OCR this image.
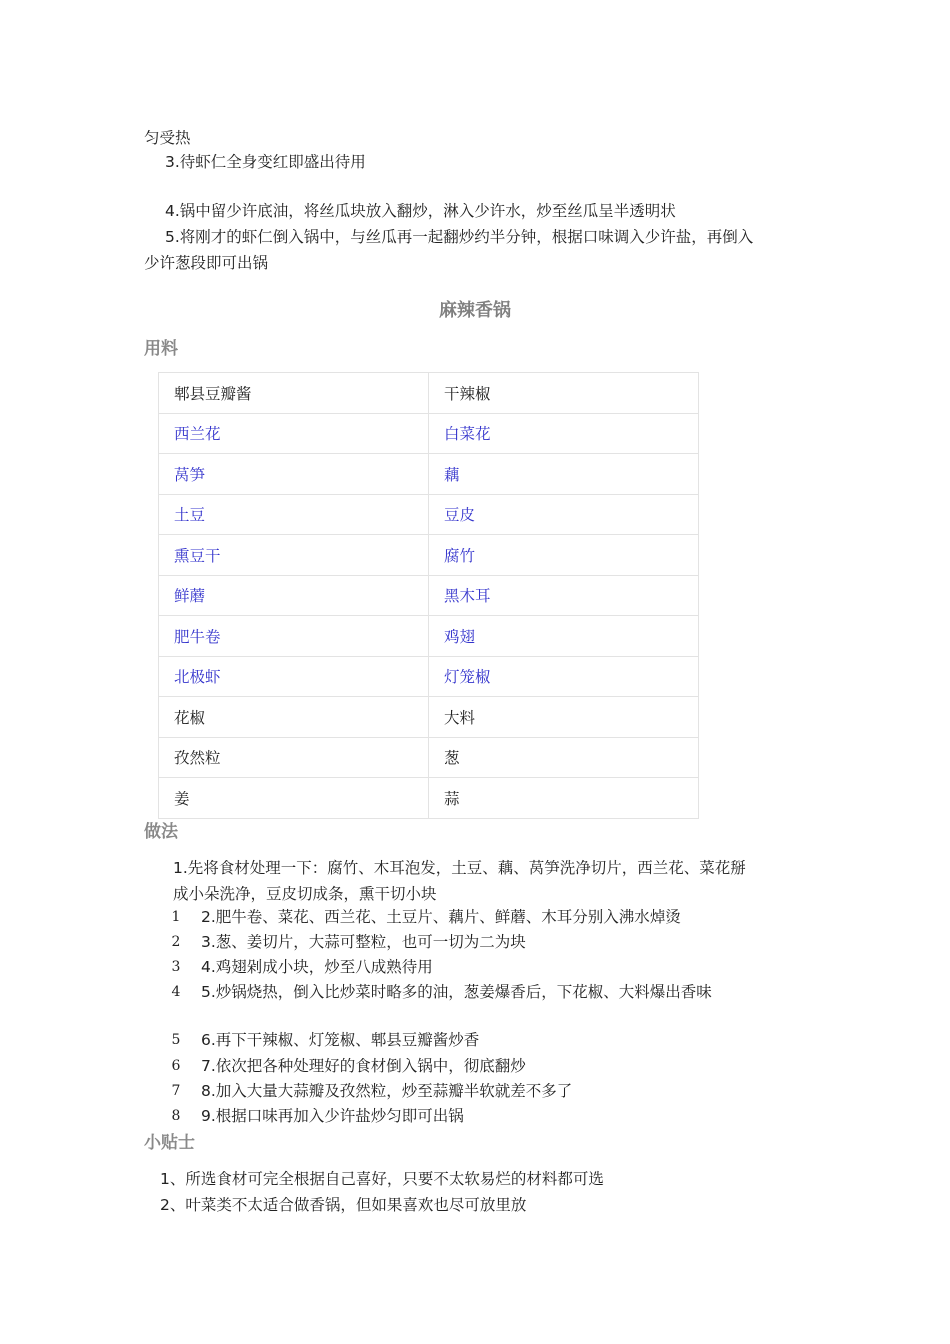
匀受热
3.待虾仁全身变红即盛出待用
4.锅中留少许底油，将丝瓜块放入翻炒，淋入少许水，炒至丝瓜呈半透明状
5.将刚才的虾仁倒入锅中，与丝瓜再一起翻炒约半分钟，根据口味调入少许盐，再倒入
少许葱段即可出锅
麻辣香锅
用料
郫县豆瓣酱	干辣椒
西兰花	白菜花
莴笋	藕
土豆	豆皮
熏豆干	腐竹
鲜蘑	黑木耳
肥牛卷	鸡翅
北极虾	灯笼椒
花椒	大料
孜然粒	葱
姜	蒜
做法
1.先将食材处理一下：腐竹、木耳泡发，土豆、藕、莴笋洗净切片，西兰花、菜花掰
成小朵洗净，豆皮切成条，熏干切小块
1	2.肥牛卷、菜花、西兰花、土豆片、藕片、鲜蘑、木耳分别入沸水焯烫
2	3.葱、姜切片，大蒜可整粒，也可一切为二为块
3	4.鸡翅剁成小块，炒至八成熟待用
4	5.炒锅烧热，倒入比炒菜时略多的油，葱姜爆香后，下花椒、大料爆出香味
5	6.再下干辣椒、灯笼椒、郫县豆瓣酱炒香
6	7.依次把各种处理好的食材倒入锅中，彻底翻炒
7	8.加入大量大蒜瓣及孜然粒，炒至蒜瓣半软就差不多了
8	9.根据口味再加入少许盐炒匀即可出锅
小贴士
1、所选食材可完全根据自己喜好，只要不太软易烂的材料都可选
2、叶菜类不太适合做香锅，但如果喜欢也尽可放里放
